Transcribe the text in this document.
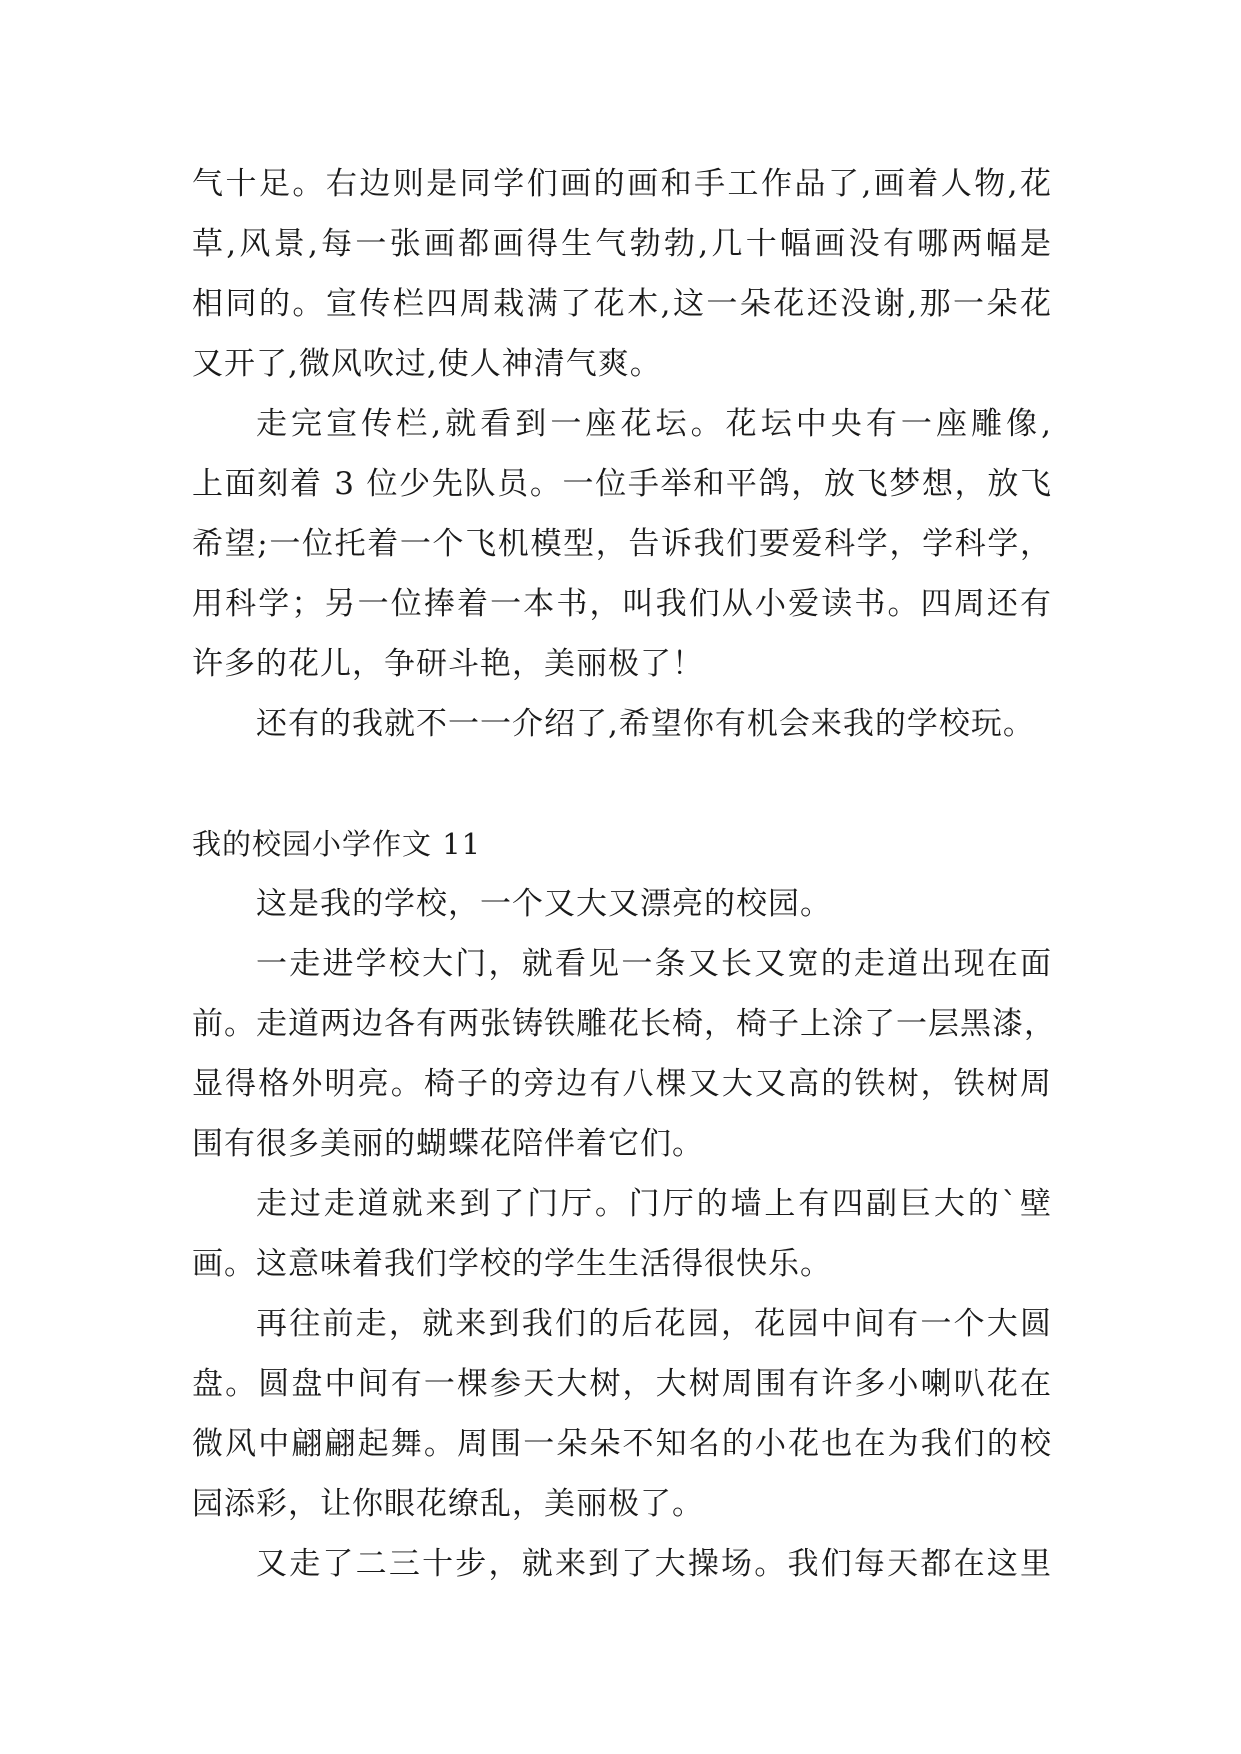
气十足。右边则是同学们画的画和手工作品了,画着人物,花
草,风景,每一张画都画得生气勃勃,几十幅画没有哪两幅是
相同的。宣传栏四周栽满了花木,这一朵花还没谢,那一朵花
又开了,微风吹过,使人神清气爽。
走完宣传栏,就看到一座花坛。花坛中央有一座雕像,
上面刻着 3 位少先队员。一位手举和平鸽，放飞梦想，放飞
希望;一位托着一个飞机模型，告诉我们要爱科学，学科学，
用科学；另一位捧着一本书，叫我们从小爱读书。四周还有
许多的花儿，争研斗艳，美丽极了！
还有的我就不一一介绍了,希望你有机会来我的学校玩。
我的校园小学作文 11
这是我的学校，一个又大又漂亮的校园。
一走进学校大门，就看见一条又长又宽的走道出现在面
前。走道两边各有两张铸铁雕花长椅，椅子上涂了一层黑漆，
显得格外明亮。椅子的旁边有八棵又大又高的铁树，铁树周
围有很多美丽的蝴蝶花陪伴着它们。
走过走道就来到了门厅。门厅的墙上有四副巨大的`壁
画。这意味着我们学校的学生生活得很快乐。
再往前走，就来到我们的后花园，花园中间有一个大圆
盘。圆盘中间有一棵参天大树，大树周围有许多小喇叭花在
微风中翩翩起舞。周围一朵朵不知名的小花也在为我们的校
园添彩，让你眼花缭乱，美丽极了。
又走了二三十步，就来到了大操场。我们每天都在这里
